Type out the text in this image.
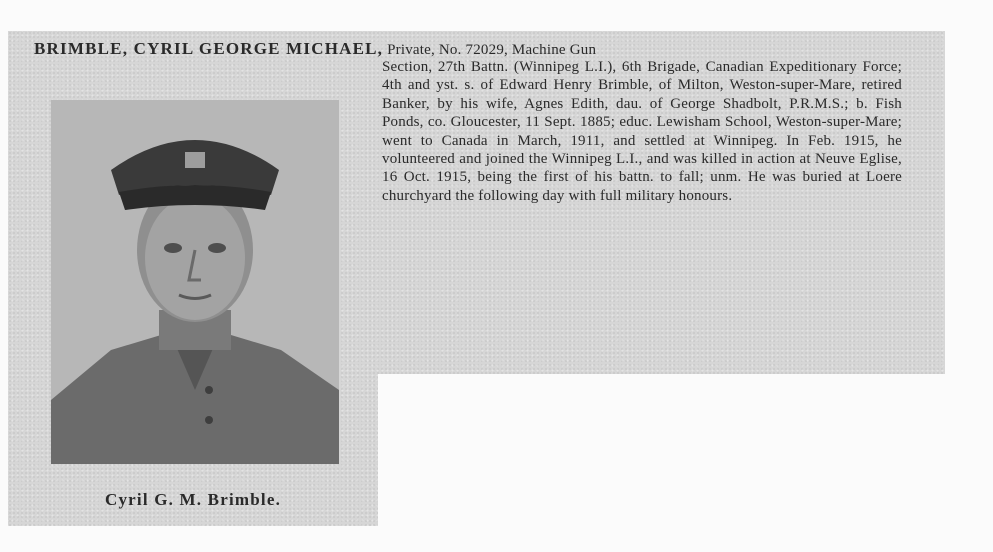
BRIMBLE, CYRIL GEORGE MICHAEL, Private, No. 72029, Machine Gun
Section, 27th Battn. (Winnipeg L.I.), 6th Brigade, Canadian Expeditionary Force; 4th and yst. s. of Edward Henry Brimble, of Milton, Weston-super-Mare, retired Banker, by his wife, Agnes Edith, dau. of George Shadbolt, P.R.M.S.; b. Fish Ponds, co. Gloucester, 11 Sept. 1885; educ. Lewisham School, Weston-super-Mare; went to Canada in March, 1911, and settled at Winnipeg. In Feb. 1915, he volunteered and joined the Winnipeg L.I., and was killed in action at Neuve Eglise, 16 Oct. 1915, being the first of his battn. to fall; unm. He was buried at Loere churchyard the following day with full military honours.
Cyril G. M. Brimble.
